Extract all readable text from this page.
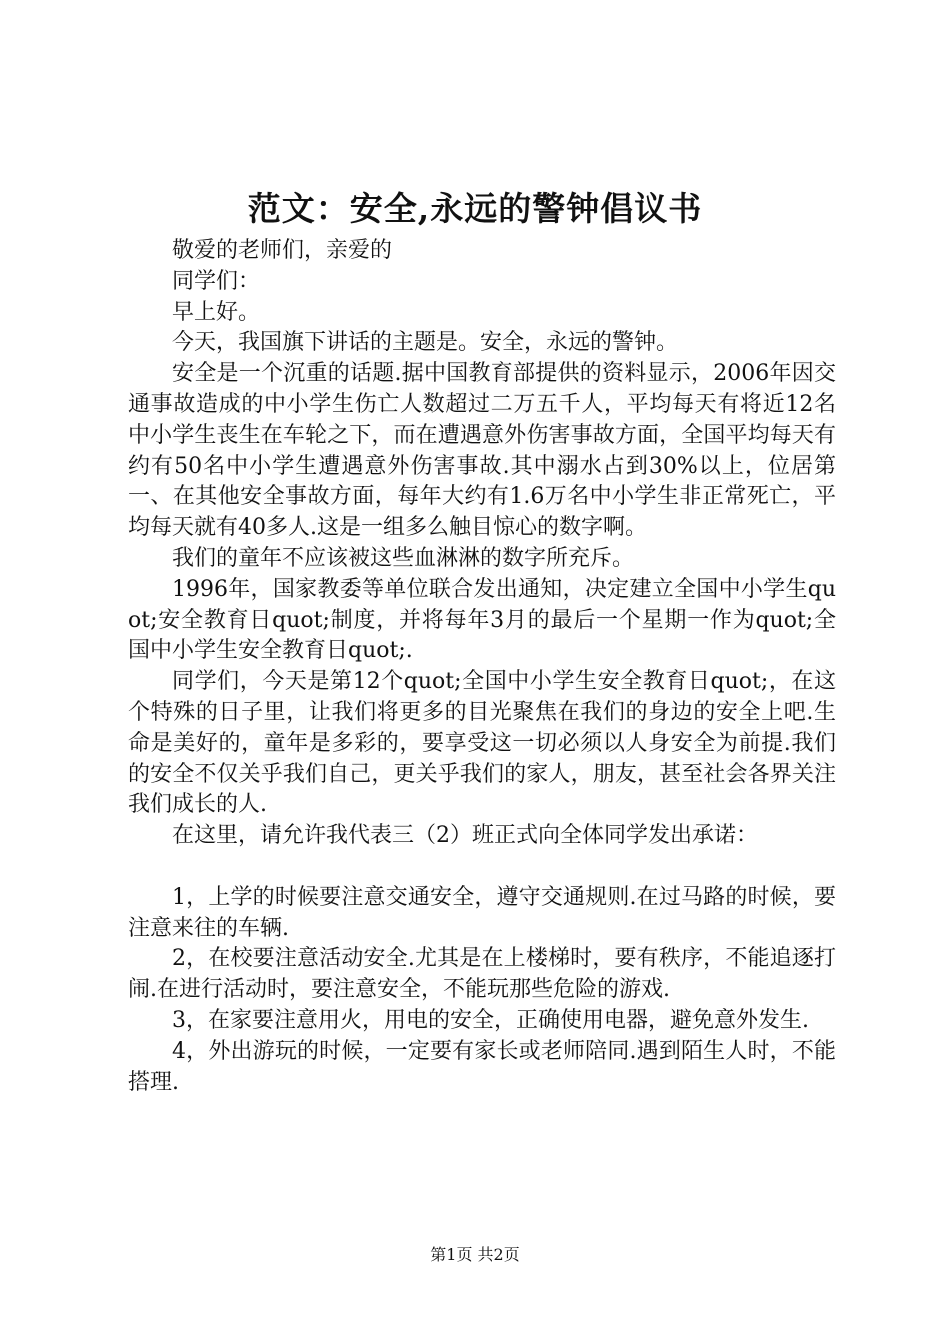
范文：安全,永远的警钟倡议书

敬爱的老师们，亲爱的

同学们：

早上好。

今天，我国旗下讲话的主题是。安全，永远的警钟。

安全是一个沉重的话题.据中国教育部提供的资料显示，2006年因交通事故造成的中小学生伤亡人数超过二万五千人，平均每天有将近12名中小学生丧生在车轮之下，而在遭遇意外伤害事故方面，全国平均每天有约有50名中小学生遭遇意外伤害事故.其中溺水占到30%以上，位居第一、在其他安全事故方面，每年大约有1.6万名中小学生非正常死亡，平均每天就有40多人.这是一组多么触目惊心的数字啊。

我们的童年不应该被这些血淋淋的数字所充斥。

1996年，国家教委等单位联合发出通知，决定建立全国中小学生quot;安全教育日quot;制度，并将每年3月的最后一个星期一作为quot;全国中小学生安全教育日quot;.

同学们，今天是第12个quot;全国中小学生安全教育日quot;，在这个特殊的日子里，让我们将更多的目光聚焦在我们的身边的安全上吧.生命是美好的，童年是多彩的，要享受这一切必须以人身安全为前提.我们的安全不仅关乎我们自己，更关乎我们的家人，朋友，甚至社会各界关注我们成长的人.

在这里，请允许我代表三（2）班正式向全体同学发出承诺：

1，上学的时候要注意交通安全，遵守交通规则.在过马路的时候，要注意来往的车辆.

2，在校要注意活动安全.尤其是在上楼梯时，要有秩序，不能追逐打闹.在进行活动时，要注意安全，不能玩那些危险的游戏.

3，在家要注意用火，用电的安全，正确使用电器，避免意外发生.

4，外出游玩的时候，一定要有家长或老师陪同.遇到陌生人时，不能搭理.

第1页 共2页
